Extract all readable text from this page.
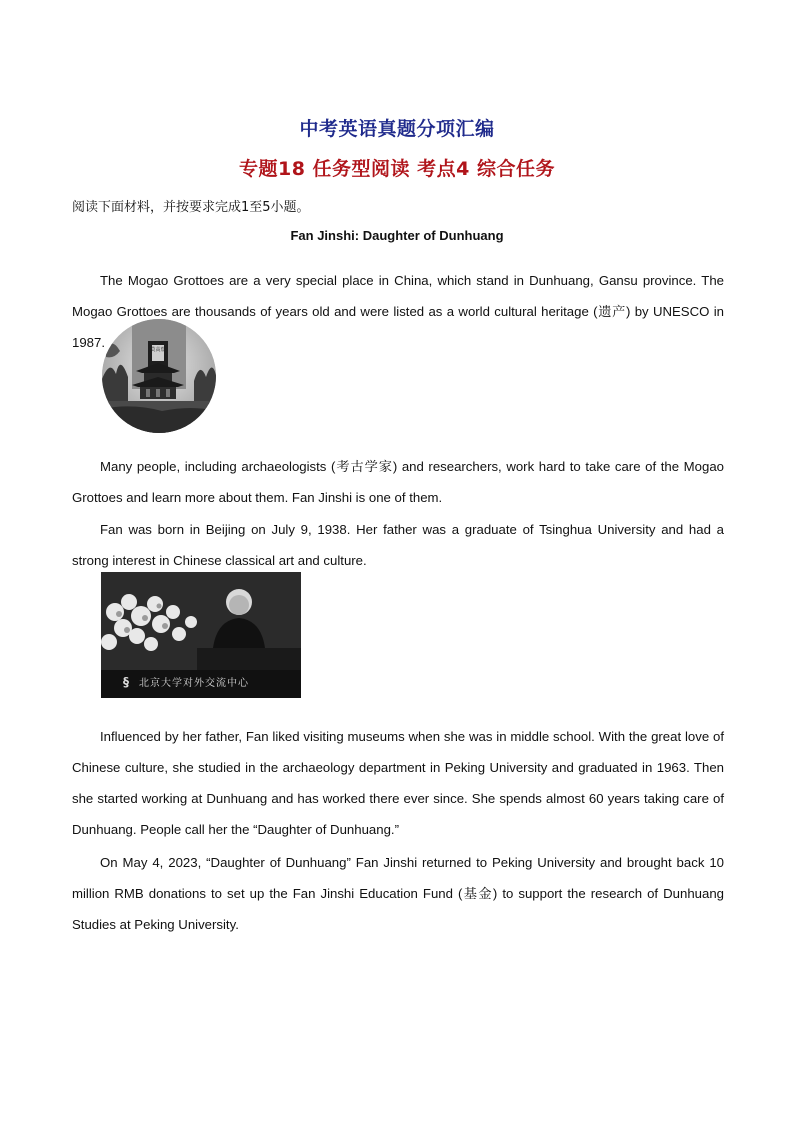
中考英语真题分项汇编
专题18 任务型阅读 考点4 综合任务
阅读下面材料，并按要求完成1至5小题。
Fan Jinshi: Daughter of Dunhuang

The Mogao Grottoes are a very special place in China, which stand in Dunhuang, Gansu province. The Mogao Grottoes are thousands of years old and were listed as a world cultural heritage (遗产) by UNESCO in 1987.	莫高窟

Many people, including archaeologists (考古学家) and researchers, work hard to take care of the Mogao Grottoes and learn more about them. Fan Jinshi is one of them.

Fan was born in Beijing on July 9, 1938. Her father was a graduate of Tsinghua University and had a strong interest in Chinese classical art and culture.

§ 北京大学对外交流中心

Influenced by her father, Fan liked visiting museums when she was in middle school. With the great love of Chinese culture, she studied in the archaeology department in Peking University and graduated in 1963. Then she started working at Dunhuang and has worked there ever since. She spends almost 60 years taking care of Dunhuang. People call her the “Daughter of Dunhuang.”

On May 4, 2023, “Daughter of Dunhuang” Fan Jinshi returned to Peking University and brought back 10 million RMB donations to set up the Fan Jinshi Education Fund (基金) to support the research of Dunhuang Studies at Peking University.
